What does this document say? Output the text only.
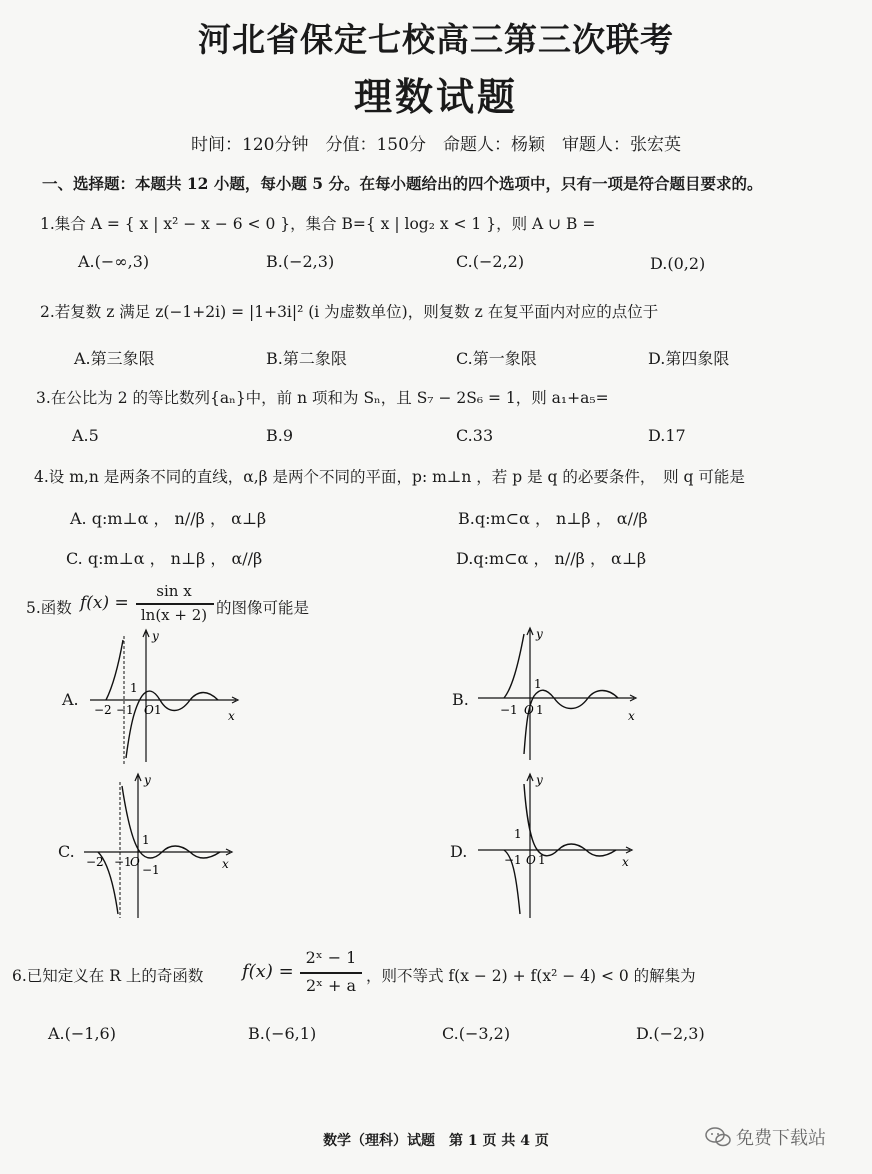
河北省保定七校高三第三次联考
理数试题
时间：120分钟　分值：150分　命题人：杨颖　审题人：张宏英
一、选择题：本题共 12 小题，每小题 5 分。在每小题给出的四个选项中，只有一项是符合题目要求的。
1.集合 A = { x | x² − x − 6 < 0 }，集合 B={ x | log₂ x < 1 }，则 A ∪ B =
A.(−∞,3)	B.(−2,3)	C.(−2,2)	D.(0,2)
2.若复数 z 满足 z(−1+2i) = |1+3i|² (i 为虚数单位)，则复数 z 在复平面内对应的点位于
A.第三象限	B.第二象限	C.第一象限	D.第四象限
3.在公比为 2 的等比数列{aₙ}中，前 n 项和为 Sₙ，且 S₇ − 2S₆ = 1，则 a₁+a₅=
A.5	B.9	C.33	D.17
4.设 m,n 是两条不同的直线，α,β 是两个不同的平面，p: m⊥n ，若 p 是 q 的必要条件，　则 q 可能是
A. q:m⊥α ， n//β ， α⊥β	B.q:m⊂α ， n⊥β ， α//β
C. q:m⊥α ， n⊥β ， α//β	D.q:m⊂α ， n//β ， α⊥β
5.函数 f(x) =
sin x
ln(x + 2) 的图像可能是
A.	B.
C.	D.
1
−2 −1 O 1
y
x
1
−1 O 1
y
x
1
−2 −1
O
−1
y
x
1
−1 O 1
y
x
6.已知定义在 R 上的奇函数 f(x) =
2ˣ − 1
2ˣ + a ，则不等式 f(x − 2) + f(x² − 4) < 0 的解集为
A.(−1,6)	B.(−6,1)	C.(−3,2)	D.(−2,3)
数学（理科）试题　第 1 页 共 4 页	免费下载站
